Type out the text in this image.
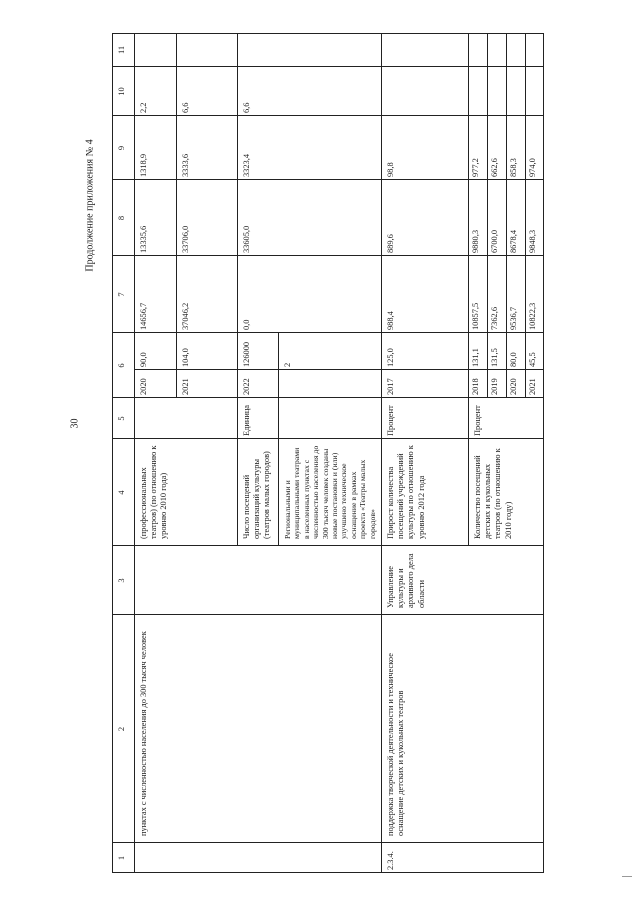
30
Продолжение приложения № 4
1
2
3
4
5
6
7
8
9
10
11
пунктах с численностью населения до 300 тысяч человек
(профессиональных театров) (по отношению к уровню 2010 года)
2020
90,0
14656,7
13335,6
1318,9
2,2
2021
104,0
37046,2
33706,0
3333,6
6,6
Число посещений организаций культуры (театров малых городов)
Единица
2022
126000
0,0
33605,0
3323,4
6,6
Региональными и муниципальными театрами в населенных пунктах с численностью населения до 300 тысяч человек созданы новые постановки и (или) улучшено техническое оснащение в рамках проекта «Театры малых городов»
2
2.3.4.
поддержка творческой деятельности и техническое оснащение детских и кукольных театров
Управление культуры и архивного дела области
Прирост количества посещений учреждений культуры по отношению к уровню 2012 года
Процент
2017
125,0
988,4
889,6
98,8
Количество посещений детских и кукольных театров (по отношению к 2010 году)
Процент
2018
131,1
10857,5
9880,3
977,2
2019
131,5
7362,6
6700,0
662,6
2020
80,0
9536,7
8678,4
858,3
2021
45,5
10822,3
9848,3
974,0
